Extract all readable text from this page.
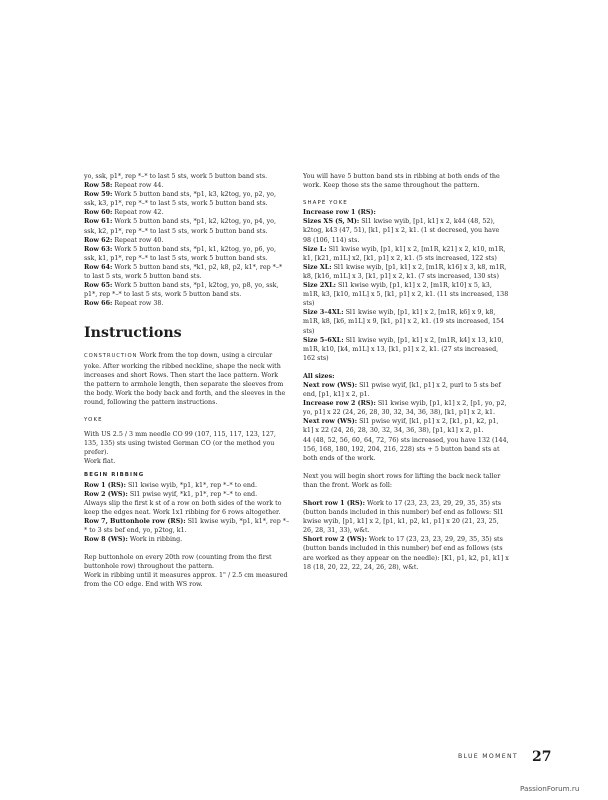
yo, ssk, p1*, rep *–* to last 5 sts, work 5 button band sts.

Row 58: Repeat row 44.

Row 59: Work 5 button band sts, *p1, k3, k2tog, yo, p2, yo, ssk, k3, p1*, rep *–* to last 5 sts, work 5 button band sts.

Row 60: Repeat row 42.

Row 61: Work 5 button band sts, *p1, k2, k2tog, yo, p4, yo, ssk, k2, p1*, rep *–* to last 5 sts, work 5 button band sts.

Row 62: Repeat row 40.

Row 63: Work 5 button band sts, *p1, k1, k2tog, yo, p6, yo, ssk, k1, p1*, rep *–* to last 5 sts, work 5 button band sts.

Row 64: Work 5 button band sts, *k1, p2, k8, p2, k1*, rep *–* to last 5 sts, work 5 button band sts.

Row 65: Work 5 button band sts, *p1, k2tog, yo, p8, yo, ssk, p1*, rep *–* to last 5 sts, work 5 button band sts.

Row 66: Repeat row 38.

Instructions

CONSTRUCTION Work from the top down, using a circular yoke. After working the ribbed neckline, shape the neck with increases and short Rows. Then start the lace pattern. Work the pattern to armhole length, then separate the sleeves from the body. Work the body back and forth, and the sleeves in the round, following the pattern instructions.

YOKE

With US 2.5 / 3 mm needle CO 99 (107, 115, 117, 123, 127, 135, 135) sts using twisted German CO (or the method you prefer).

Work flat.

BEGIN RIBBING

Row 1 (RS): Sl1 kwise wyib, *p1, k1*, rep *–* to end.

Row 2 (WS): Sl1 pwise wyif, *k1, p1*, rep *–* to end.

Always slip the first k st of a row on both sides of the work to keep the edges neat. Work 1x1 ribbing for 6 rows altogether.

Row 7, Buttonhole row (RS): Sl1 kwise wyib, *p1, k1*, rep *–* to 3 sts bef end, yo, p2tog, k1.

Row 8 (WS): Work in ribbing.

Rep buttonhole on every 20th row (counting from the first buttonhole row) throughout the pattern.

Work in ribbing until it measures approx. 1" / 2.5 cm measured from the CO edge. End with WS row.

You will have 5 button band sts in ribbing at both ends of the work. Keep those sts the same throughout the pattern.

SHAPE YOKE

Increase row 1 (RS):

Sizes XS (S, M): Sl1 kwise wyib, [p1, k1] x 2, k44 (48, 52), k2tog, k43 (47, 51), [k1, p1] x 2, k1. (1 st decresed, you have 98 (106, 114) sts.

Size L: Sl1 kwise wyib, [p1, k1] x 2, [m1R, k21] x 2, k10, m1R, k1, [k21, m1L] x2, [k1, p1] x 2, k1. (5 sts increased, 122 sts)

Size XL: Sl1 kwise wyib, [p1, k1] x 2, [m1R, k16] x 3, k8, m1R, k8, [k16, m1L] x 3, [k1, p1] x 2, k1. (7 sts increased, 130 sts)

Size 2XL: Sl1 kwise wyib, [p1, k1] x 2, [m1R, k10] x 5, k3, m1R, k3, [k10, m1L] x 5, [k1, p1] x 2, k1. (11 sts increased, 138 sts)

Size 3–4XL: Sl1 kwise wyib, [p1, k1] x 2, [m1R, k6] x 9, k8, m1R, k8, [k6, m1L] x 9, [k1, p1] x 2, k1. (19 sts increased, 154 sts)

Size 5–6XL: Sl1 kwise wyib, [p1, k1] x 2, [m1R, k4] x 13, k10, m1R, k10, [k4, m1L] x 13, [k1, p1] x 2, k1. (27 sts increased, 162 sts)

All sizes:

Next row (WS): Sl1 pwise wyif, [k1, p1] x 2, purl to 5 sts bef end, [p1, k1] x 2, p1.

Increase row 2 (RS): Sl1 kwise wyib, [p1, k1] x 2, [p1, yo, p2, yo, p1] x 22 (24, 26, 28, 30, 32, 34, 36, 38), [k1, p1] x 2, k1.

Next row (WS): Sl1 pwise wyif, [k1, p1] x 2, [k1, p1, k2, p1, k1] x 22 (24, 26, 28, 30, 32, 34, 36, 38), [p1, k1] x 2, p1.

44 (48, 52, 56, 60, 64, 72, 76) sts increased, you have 132 (144, 156, 168, 180, 192, 204, 216, 228) sts + 5 button band sts at both ends of the work.

Next you will begin short rows for lifting the back neck taller than the front. Work as foll:

Short row 1 (RS): Work to 17 (23, 23, 23, 29, 29, 35, 35) sts (button bands included in this number) bef end as follows: Sl1 kwise wyib, [p1, k1] x 2, [p1, k1, p2, k1, p1] x 20 (21, 23, 25, 26, 28, 31, 33), w&t.

Short row 2 (WS): Work to 17 (23, 23, 23, 29, 29, 35, 35) sts (button bands included in this number) bef end as follows (sts are worked as they appear on the needle): [K1, p1, k2, p1, k1] x 18 (18, 20, 22, 22, 24, 26, 28), w&t.

BLUE MOMENT 27
PassionForum.ru
